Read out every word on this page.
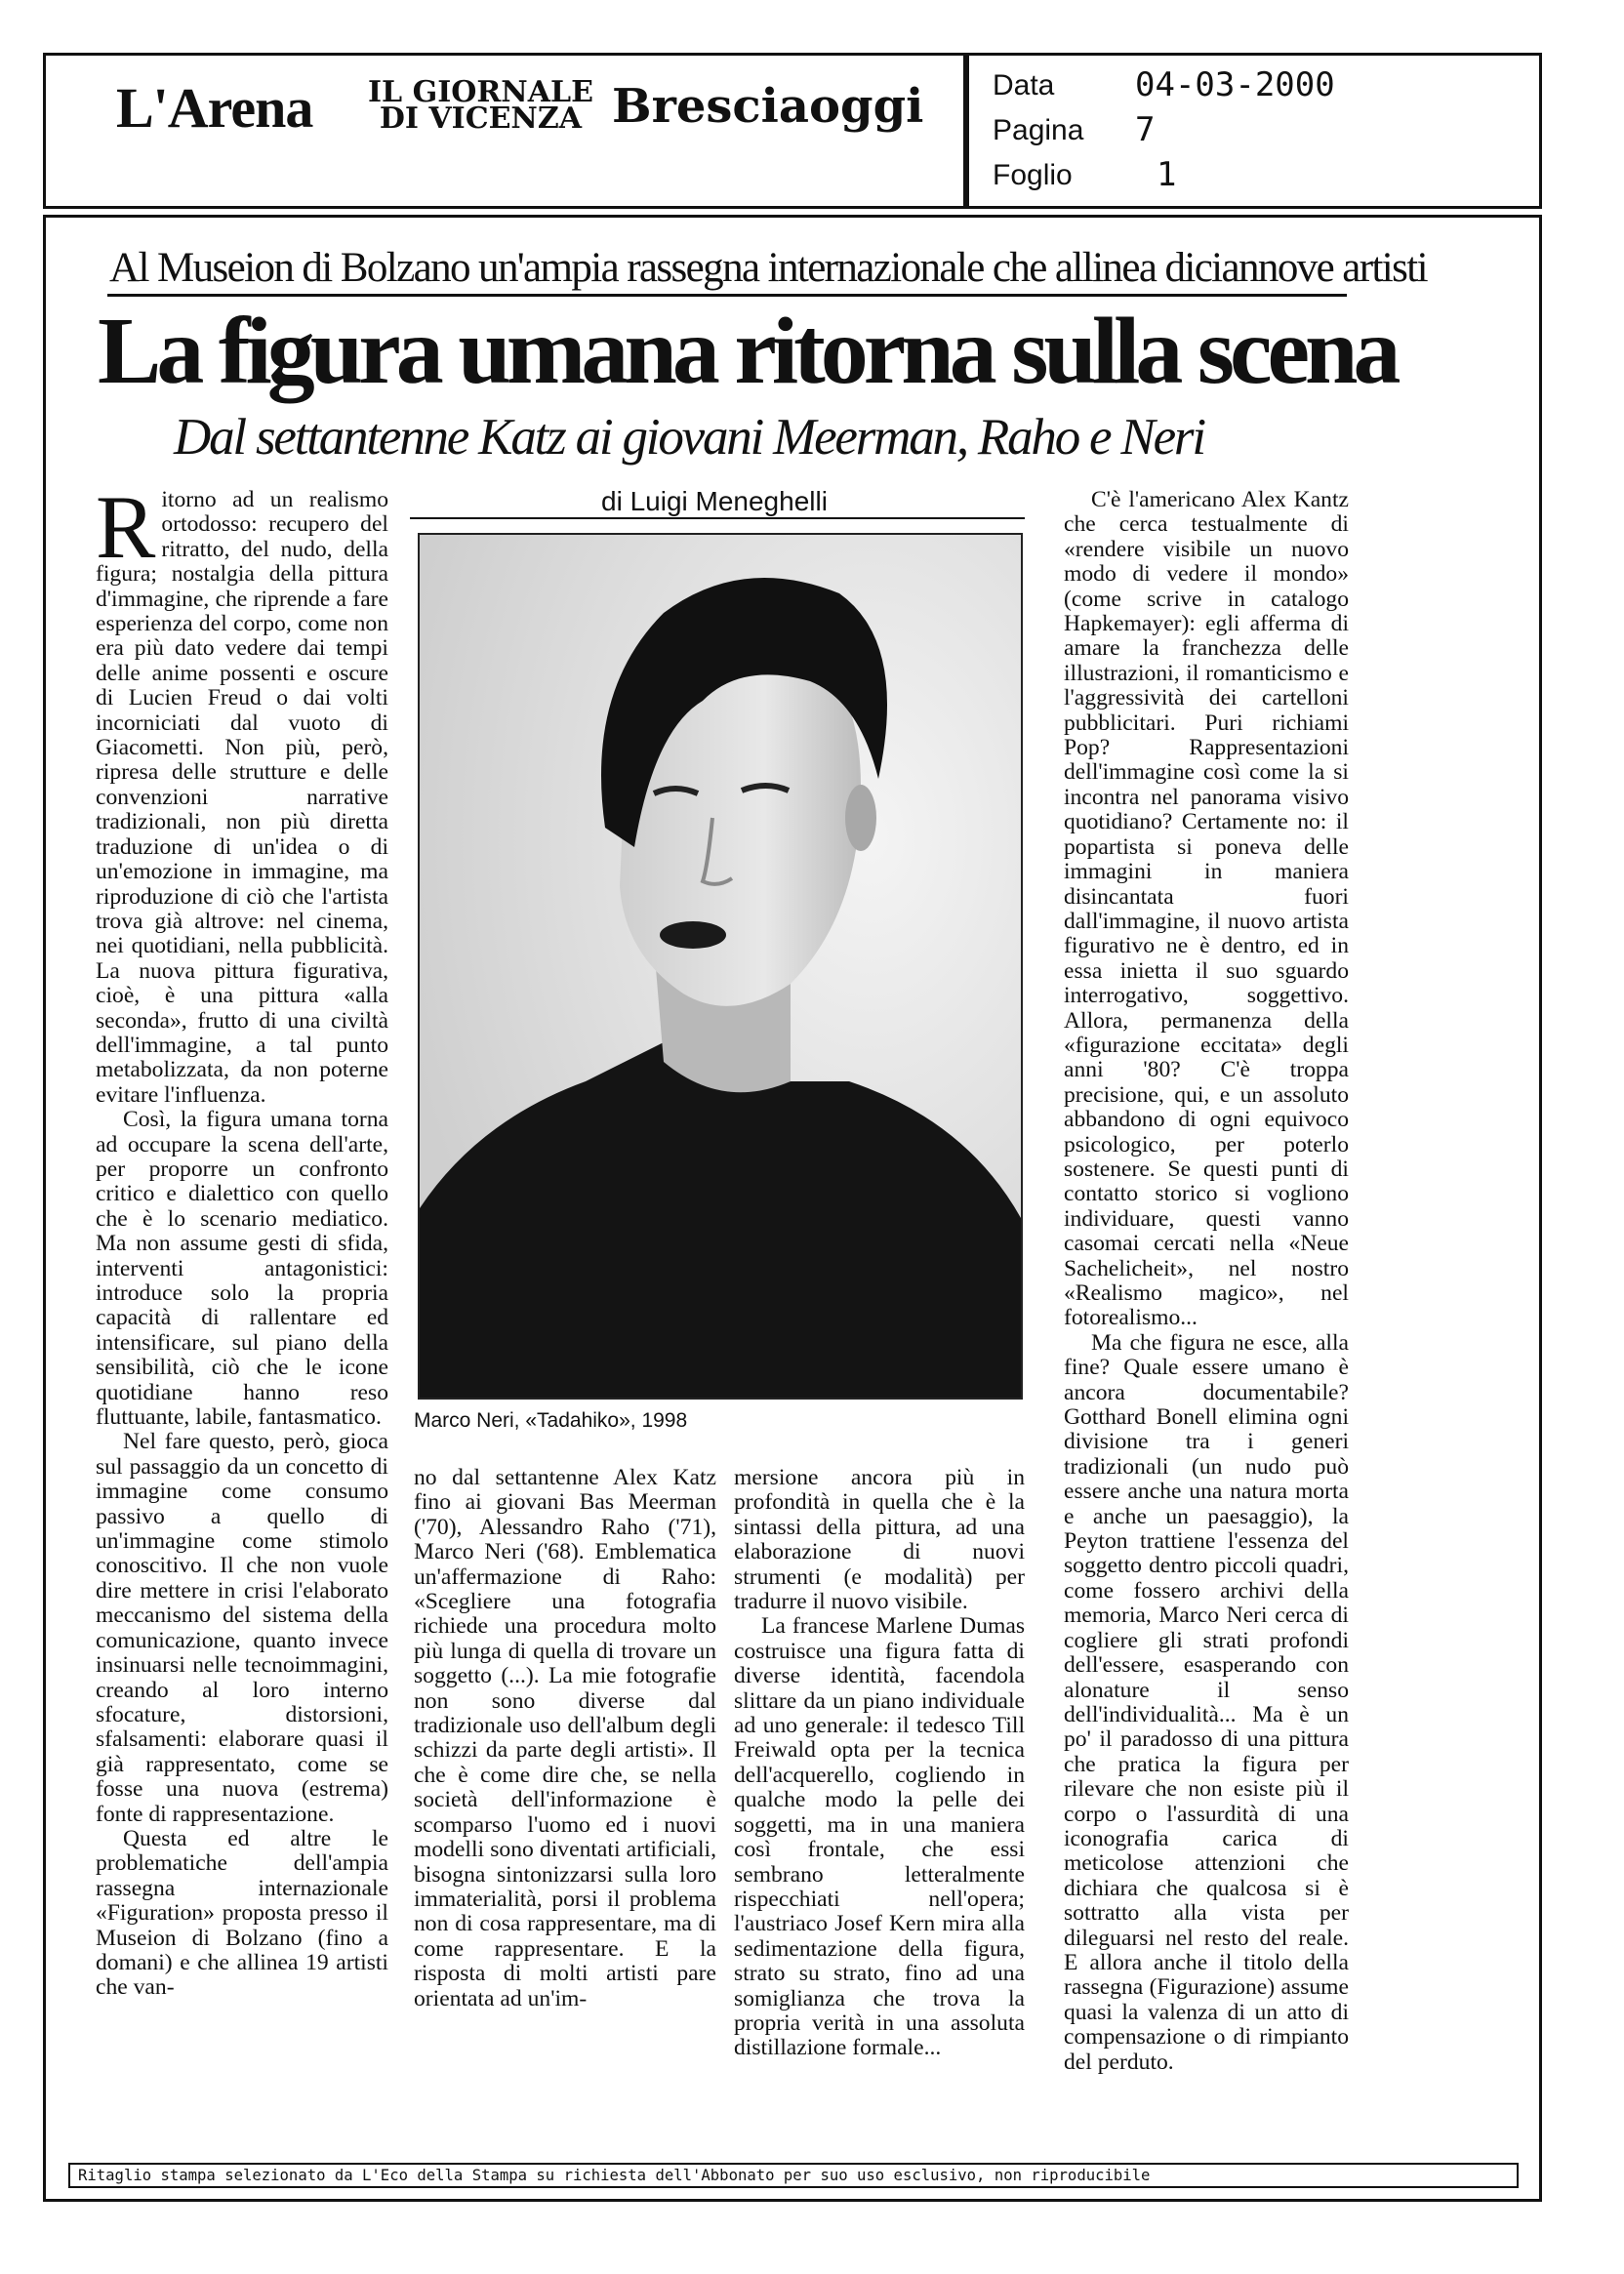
L'Arena IL GIORNALE
DI VICENZA Bresciaoggi Data 04-03-2000
Pagina 7
Foglio	1
Al Museion di Bolzano un'ampia rassegna internazionale che allinea diciannove artisti
La figura umana ritorna sulla scena
Dal settantenne Katz ai giovani Meerman, Raho e Neri
di Luigi Meneghelli

Ritorno ad un realismo ortodosso: recupero del ritratto, del nudo, della figura; nostalgia della pittura d'immagine, che riprende a fare esperienza del corpo, come non era più dato vedere dai tempi delle anime possenti e oscure di Lucien Freud o dai volti incorniciati dal vuoto di Giacometti. Non più, però, ripresa delle strutture e delle convenzioni narrative tradizionali, non più diretta traduzione di un'idea o di un'emozione in immagine, ma riproduzione di ciò che l'artista trova già altrove: nel cinema, nei quotidiani, nella pubblicità. La nuova pittura figurativa, cioè, è una pittura «alla seconda», frutto di una civiltà dell'immagine, a tal punto metabolizzata, da non poterne evitare l'influenza.

Così, la figura umana torna ad occupare la scena dell'arte, per proporre un confronto critico e dialettico con quello che è lo scenario mediatico. Ma non assume gesti di sfida, interventi antagonistici: introduce solo la propria capacità di rallentare ed intensificare, sul piano della sensibilità, ciò che le icone quotidiane hanno reso fluttuante, labile, fantasmatico.

Nel fare questo, però, gioca sul passaggio da un concetto di immagine come consumo passivo a quello di un'immagine come stimolo conoscitivo. Il che non vuole dire mettere in crisi l'elaborato meccanismo del sistema della comunicazione, quanto invece insinuarsi nelle tecnoimmagini, creando al loro interno sfocature, distorsioni, sfalsamenti: elaborare quasi il già rappresentato, come se fosse una nuova (estrema) fonte di rappresentazione.

Questa ed altre le problematiche dell'ampia rassegna internazionale «Figuration» proposta presso il Museion di Bolzano (fino a domani) e che allinea 19 artisti che van-

Marco Neri, «Tadahiko», 1998

no dal settantenne Alex Katz fino ai giovani Bas Meerman ('70), Alessandro Raho ('71), Marco Neri ('68). Emblematica un'affermazione di Raho: «Scegliere una fotografia richiede una procedura molto più lunga di quella di trovare un soggetto (...). La mie fotografie non sono diverse dal tradizionale uso dell'album degli schizzi da parte degli artisti». Il che è come dire che, se nella società dell'informazione è scomparso l'uomo ed i nuovi modelli sono diventati artificiali, bisogna sintonizzarsi sulla loro immaterialità, porsi il problema non di cosa rappresentare, ma di come rappresentare. E la risposta di molti artisti pare orientata ad un'im-

mersione ancora più in profondità in quella che è la sintassi della pittura, ad una elaborazione di nuovi strumenti (e modalità) per tradurre il nuovo visibile.

La francese Marlene Dumas costruisce una figura fatta di diverse identità, facendola slittare da un piano individuale ad uno generale: il tedesco Till Freiwald opta per la tecnica dell'acquerello, cogliendo in qualche modo la pelle dei soggetti, ma in una maniera così frontale, che essi sembrano letteralmente rispecchiati nell'opera; l'austriaco Josef Kern mira alla sedimentazione della figura, strato su strato, fino ad una somiglianza che trova la propria verità in una assoluta distillazione formale...

C'è l'americano Alex Kantz che cerca testualmente di «rendere visibile un nuovo modo di vedere il mondo» (come scrive in catalogo Hapkemayer): egli afferma di amare la franchezza delle illustrazioni, il romanticismo e l'aggressività dei cartelloni pubblicitari. Puri richiami Pop? Rappresentazioni dell'immagine così come la si incontra nel panorama visivo quotidiano? Certamente no: il popartista si poneva delle immagini in maniera disincantata fuori dall'immagine, il nuovo artista figurativo ne è dentro, ed in essa inietta il suo sguardo interrogativo, soggettivo. Allora, permanenza della «figurazione eccitata» degli anni '80? C'è troppa precisione, qui, e un assoluto abbandono di ogni equivoco psicologico, per poterlo sostenere. Se questi punti di contatto storico si vogliono individuare, questi vanno casomai cercati nella «Neue Sachelicheit», nel nostro «Realismo magico», nel fotorealismo...

Ma che figura ne esce, alla fine? Quale essere umano è ancora documentabile? Gotthard Bonell elimina ogni divisione tra i generi tradizionali (un nudo può essere anche una natura morta e anche un paesaggio), la Peyton trattiene l'essenza del soggetto dentro piccoli quadri, come fossero archivi della memoria, Marco Neri cerca di cogliere gli strati profondi dell'essere, esasperando con alonature il senso dell'individualità... Ma è un po' il paradosso di una pittura che pratica la figura per rilevare che non esiste più il corpo o l'assurdità di una iconografia carica di meticolose attenzioni che dichiara che qualcosa si è sottratto alla vista per dileguarsi nel resto del reale. E allora anche il titolo della rassegna (Figurazione) assume quasi la valenza di un atto di compensazione o di rimpianto del perduto.

Ritaglio stampa selezionato da L'Eco della Stampa su richiesta dell'Abbonato per suo uso esclusivo, non riproducibile
